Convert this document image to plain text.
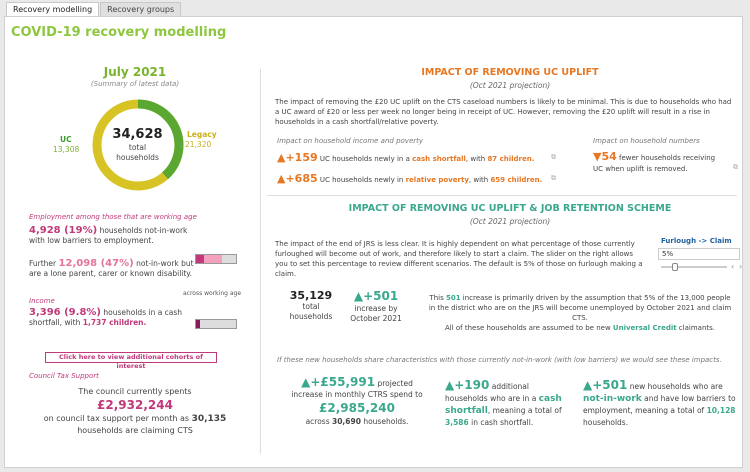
Recovery modelling	Recovery groups
COVID-19 recovery modelling
July 2021
(Summary of latest data)
34,628
total
households
UC
13,308
Legacy
21,320
Employment among those that are working age
4,928 (19%) households not-in-work
with low barriers to employment.
Further 12,098 (47%) not-in-work but
are a lone parent, carer or known disability.
across working age
Income
3,396 (9.8%) households in a cash
shortfall, with 1,737 children.
Click here to view additional cohorts of interest
Council Tax Support
The council currently spents
£2,932,244
on council tax support per month as 30,135
households are claiming CTS
IMPACT OF REMOVING UC UPLIFT
(Oct 2021 projection)
The impact of removing the £20 UC uplift on the CTS caseload numbers is likely to be minimal. This is due to households who had a UC award of £20 or less per week no longer being in receipt of UC. However, removing the £20 uplift will result in a rise in households in a cash shortfall/relative poverty.
Impact on household income and poverty	Impact on household numbers
▲+159 UC households newly in a cash shortfall, with 87 children. ⧉
▲+685 UC households newly in relative poverty, with 659 children. ⧉
▼54 fewer households receiving
UC when uplift is removed.	⧉
IMPACT OF REMOVING UC UPLIFT & JOB RETENTION SCHEME
(Oct 2021 projection)
The impact of the end of JRS is less clear. It is highly dependent on what percentage of those currently furloughed will become out of work, and therefore likely to start a claim. The slider on the right allows you to set this percentage to review different scenarios. The default is 5% of those on furlough making a claim.
Furlough -> Claim
5%
‹ ›
35,129
total
households
▲+501
increase by
October 2021
This 501 increase is primarily driven by the assumption that 5% of the 13,000 people
in the district who are on the JRS will become unemployed by October 2021 and claim CTS.
All of these households are assumed to be new Universal Credit claimants.
If these new households share characteristics with those currently not-in-work (with low barriers) we would see these impacts.
▲+£55,991 projected
increase in monthly CTRS spend to
£2,985,240
across 30,690 households.
▲+190 additional
households who are in a cash
shortfall, meaning a total of
3,586 in cash shortfall.
▲+501 new households who are
not-in-work and have low barriers to
employment, meaning a total of 10,128
households.
